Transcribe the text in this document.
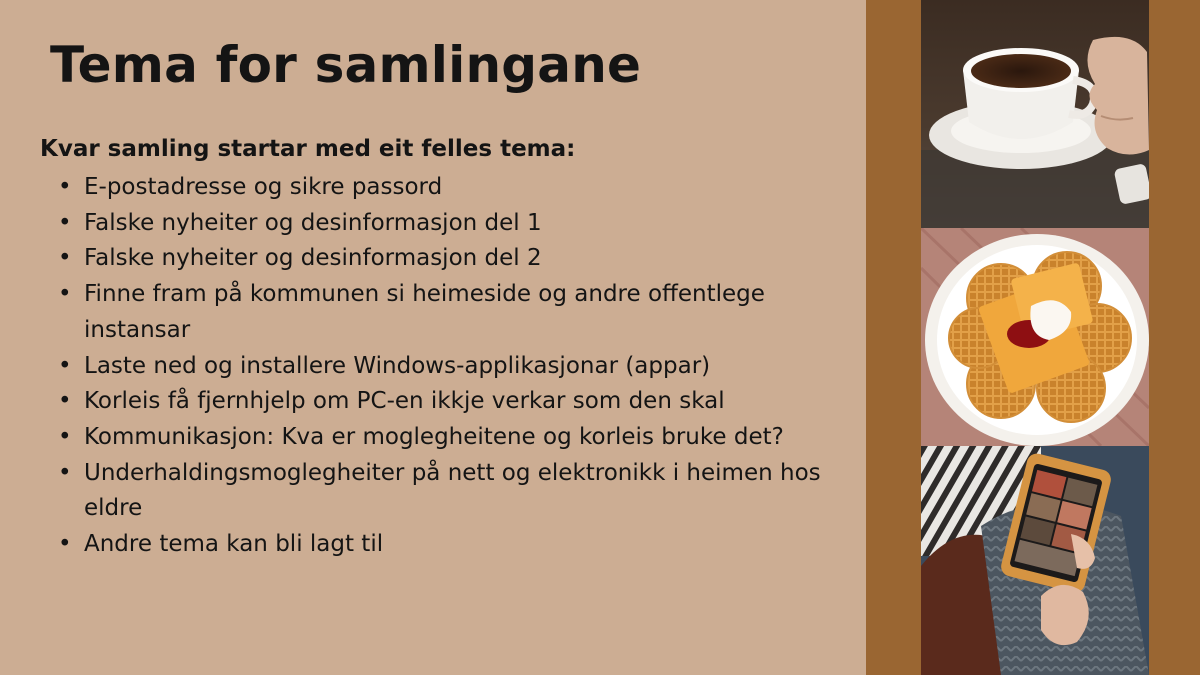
Tema for samlingane
Kvar samling startar med eit felles tema:
• E-postadresse og sikre passord
• Falske nyheiter og desinformasjon del 1
• Falske nyheiter og desinformasjon del 2
• Finne fram på kommunen si heimeside og andre offentlege instansar
• Laste ned og installere Windows-applikasjonar (appar)
• Korleis få fjernhjelp om PC-en ikkje verkar som den skal
• Kommunikasjon: Kva er moglegheitene og korleis bruke det?
• Underhaldingsmoglegheiter på nett og elektronikk i heimen hos eldre
• Andre tema kan bli lagt til
